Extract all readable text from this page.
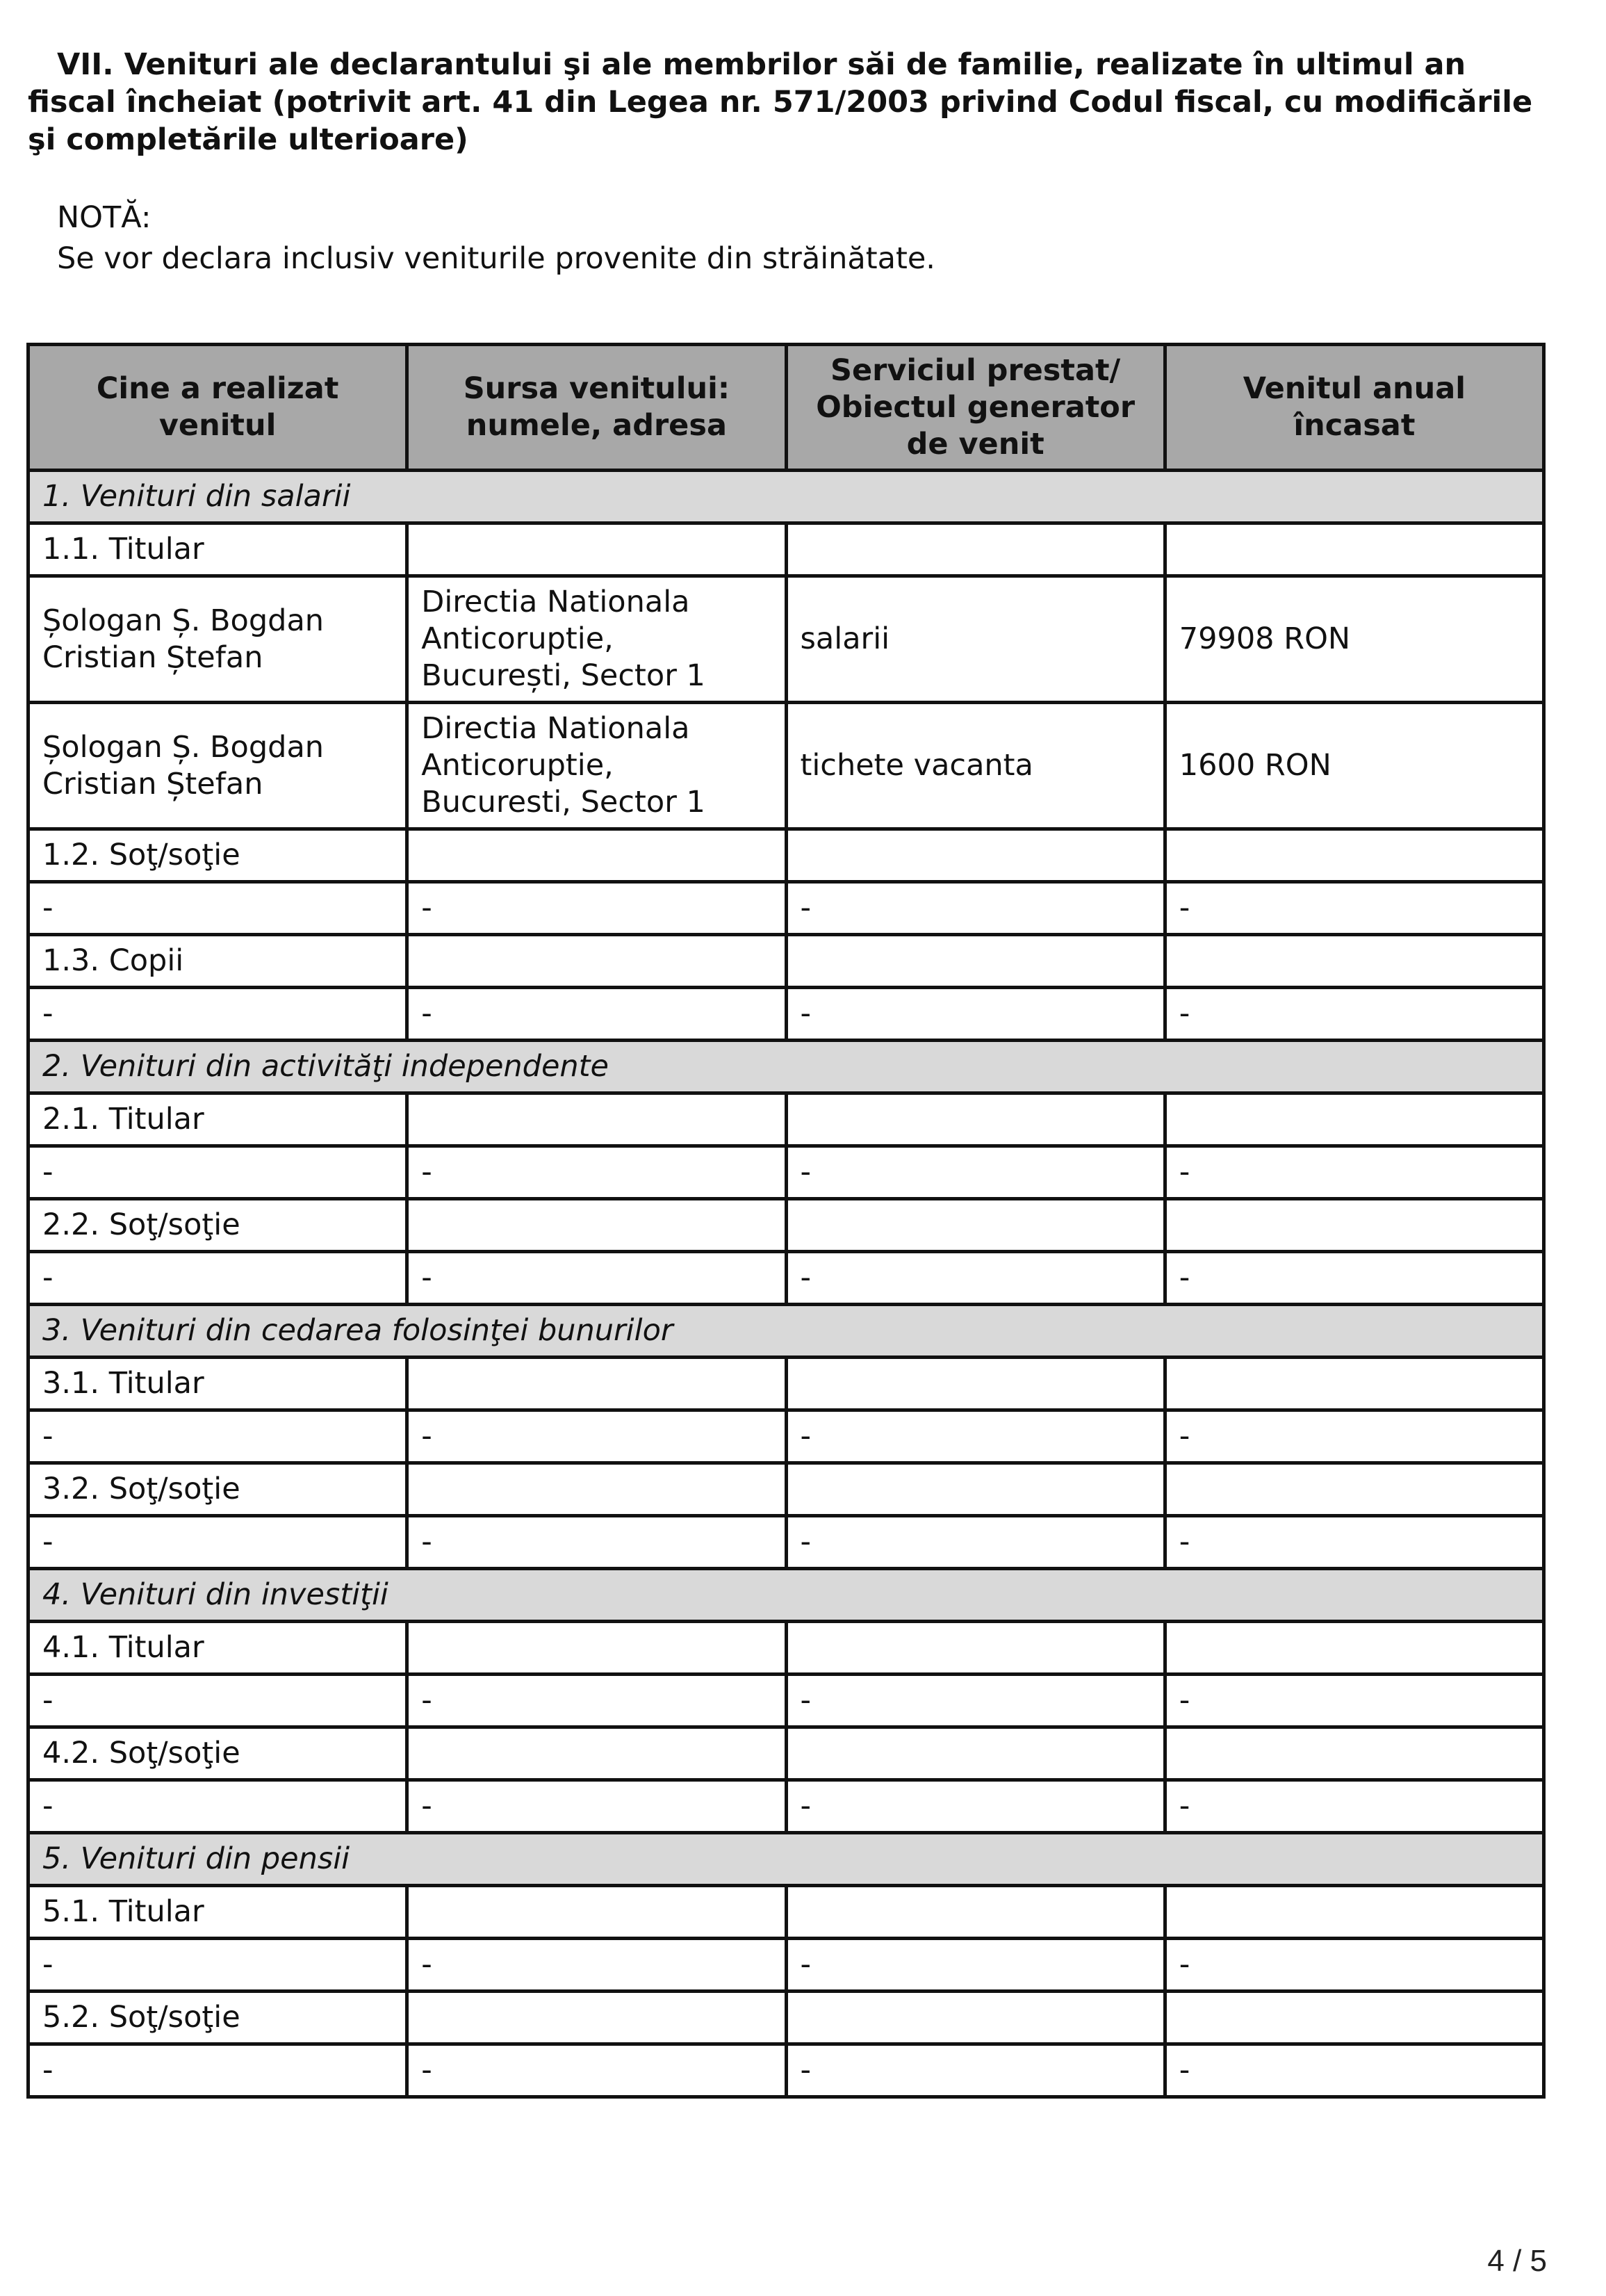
VII. Venituri ale declarantului şi ale membrilor săi de familie, realizate în ultimul an fiscal încheiat (potrivit art. 41 din Legea nr. 571/2003 privind Codul fiscal, cu modificările şi completările ulterioare)

NOTĂ:
Se vor declara inclusiv veniturile provenite din străinătate.
Cine a realizat venitul	Sursa venitului: numele, adresa	Serviciul prestat/ Obiectul generator de venit	Venitul anual încasat
1. Venituri din salarii			
1.1. Titular			
Șologan Ș. Bogdan Cristian Ștefan	Directia Nationala Anticoruptie, București, Sector 1	salarii	79908 RON
Șologan Ș. Bogdan Cristian Ștefan	Directia Nationala Anticoruptie, Bucuresti, Sector 1	tichete vacanta	1600 RON
1.2. Soţ/soţie			
-	-	-	-
1.3. Copii			
-	-	-	-
2. Venituri din activităţi independente			
2.1. Titular			
-	-	-	-
2.2. Soţ/soţie			
-	-	-	-
3. Venituri din cedarea folosinţei bunurilor			
3.1. Titular			
-	-	-	-
3.2. Soţ/soţie			
-	-	-	-
4. Venituri din investiţii			
4.1. Titular			
-	-	-	-
4.2. Soţ/soţie			
-	-	-	-
5. Venituri din pensii			
5.1. Titular			
-	-	-	-
5.2. Soţ/soţie			
-	-	-	-
4 / 5
